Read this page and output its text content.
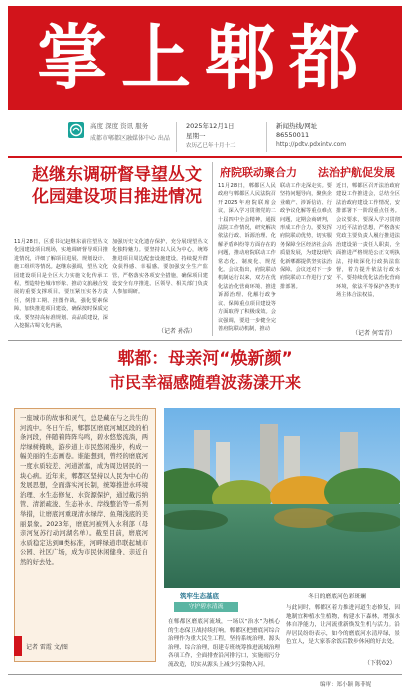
掌上郫都
高度 深度 资讯 服务
成都市郫都区融媒体中心 出品
2025年12月1日
星期一
农历乙巳年十月十二
新闻热线/网址
86550011
http://pdtv.pdxintv.com
赵继东调研督导望丛文化园建设项目推进情况
11月28日，区委书记赵继东前往望丛文化园建设项目现场，实地调研督导项目推进情况，详细了解项目进展、规划设计、施工组织等情况。赵继东强调，望丛文化园建设项目是全区大力实施文化传承工程，塑造特色城市形象、推动文旅融合发展的重要支撑项目。要压紧压实各方责任，倒排工期、挂图作战，强化要素保障，加快推进项目建设，确保按时保质完成。要坚持高标准规划、高品质建设，深入挖掘古蜀文化内涵，
加强历史文化遗存保护，充分展现望丛文化独特魅力。要坚持以人民为中心，统筹推进项目周边配套设施建设，持续提升群众获得感、幸福感。要加强安全生产监管，严格落实各项安全措施，确保项目建设安全有序推进。区领导、相关部门负责人参加调研。
（记者 孙浩）
府院联动聚合力
11月28日，郫都区人民政府与郫都区人民法院召开2025年府院联席会议，深入学习贯彻党的二十届四中全会精神，通报法院工作情况，研究解决依法行政、诉源治理、化解矛盾纠纷等方面存在的问题，推动府院联动工作常态化、制度化、规范化。会议指出，府院联动机制运行以来，双方在优化法治化营商环境、推进诉源治理、化解行政争议、保障重点项目建设等方面取得了积极成效。会议强调，要进一步健全完善府院联动机制，推动
联动工作走深走实。要坚持问题导向，聚焦企业破产、涉诉信访、行政争议化解等重点难点问题，定期会商研判，形成工作合力。要发挥府院联动优势，切实服务保障全区经济社会高质量发展，为建设现代化新郫都提供坚实法治保障。会议还对下一步府院联动工作进行了安排部署。
法治护航促发展
近日，郫都区召开法治政府建设工作推进会，总结全区法治政府建设工作情况，安排部署下一阶段重点任务。会议要求，要深入学习贯彻习近平法治思想，严格落实党政主要负责人履行推进法治建设第一责任人职责，全面推进严格规范公正文明执法，持续深化行政执法监督，着力提升依法行政水平。要持续优化法治化营商环境，依法平等保护各类市场主体合法权益，
（记者 何雪青）
郫都：母亲河“焕新颜”
市民幸福感随碧波荡漾开来
一座城市的故事和灵气，总是藏在与之共生的河流中。冬日午后，郫都区磨底河城区段的柏条河段，伴随着阵阵鸟鸣，碧水悠悠流淌，两岸绿树掩映，游步道上市民悠闲漫步，构成一幅美丽的生态画卷。谁能想到，曾经的磨底河一度水质较差、河道淤塞，成为周边居民的一块心病。近年来，郫都区坚持以人民为中心的发展思想，全面落实河长制，统筹推进水环境治理、水生态修复、水资源保护，通过截污纳管、清淤疏浚、生态补水、岸线整治等一系列举措，让磨底河重现清水绿岸、鱼翔浅底的美丽景象。2023年，磨底河被列入水利部（母亲河复苏行动河湖名单）。截至目前，磨底河水质稳定达到Ⅲ类标准，河畔绿道串联起城市公园、社区广场，成为市民休闲健身、亲近自然的好去处。
记者 雷霞 文/图
冬日的磨底河色彩斑斓
筑牢生态基底
守护碧水清流
在郫都区磨底河流域，一场以“治水”为核心的生态保卫战持续打响。郫都区把磨底河综合治理作为重大民生工程，坚持系统治理、源头治理、综合治理，组建专班统筹推进流域治理各项工作，全面排查沿河排污口，实施雨污分流改造，切实从源头上减少污染物入河。
与此同时，郫都区着力推进河道生态修复，因地制宜种植水生植物，构建水下森林，增强水体自净能力，让河流重新焕发生机与活力。沿岸居民纷纷表示，如今的磨底河水清岸绿，景色宜人，是大家茶余饭后散步休闲的好去处。
（下转02）
编审：郑小颖 陈菲妮
